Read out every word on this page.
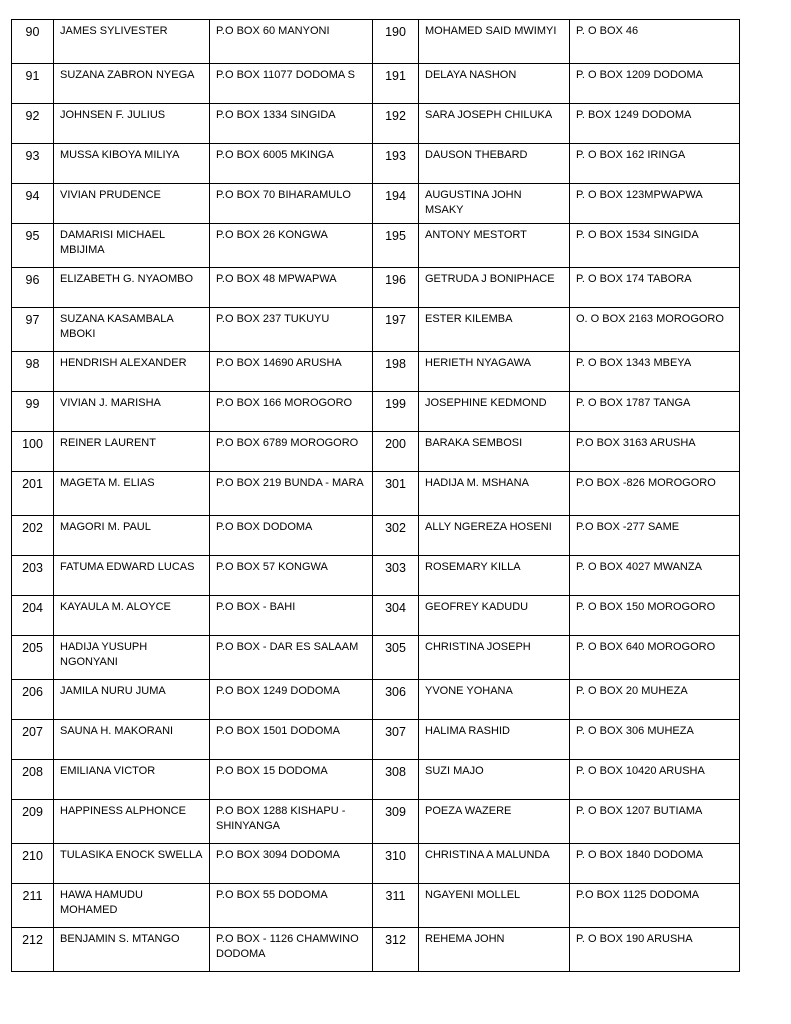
90	JAMES SYLIVESTER	P.O BOX 60 MANYONI	190	MOHAMED SAID MWIMYI	P. O BOX 46
91	SUZANA ZABRON NYEGA	P.O BOX 11077 DODOMA S	191	DELAYA NASHON	P. O BOX 1209 DODOMA
92	JOHNSEN F. JULIUS	P.O BOX 1334 SINGIDA	192	SARA JOSEPH CHILUKA	P. BOX 1249 DODOMA
93	MUSSA KIBOYA MILIYA	P.O BOX 6005 MKINGA	193	DAUSON THEBARD	P. O BOX 162 IRINGA
94	VIVIAN PRUDENCE	P.O BOX 70 BIHARAMULO	194	AUGUSTINA JOHN MSAKY	P. O BOX 123MPWAPWA
95	DAMARISI MICHAEL MBIJIMA	P.O BOX 26 KONGWA	195	ANTONY MESTORT	P. O BOX 1534 SINGIDA
96	ELIZABETH G. NYAOMBO	P.O BOX 48 MPWAPWA	196	GETRUDA J BONIPHACE	P. O BOX 174 TABORA
97	SUZANA KASAMBALA MBOKI	P.O BOX 237 TUKUYU	197	ESTER KILEMBA	O. O BOX 2163 MOROGORO
98	HENDRISH ALEXANDER	P.O BOX 14690 ARUSHA	198	HERIETH NYAGAWA	P. O BOX 1343 MBEYA
99	VIVIAN J. MARISHA	P.O BOX 166 MOROGORO	199	JOSEPHINE KEDMOND	P. O BOX 1787 TANGA
100	REINER LAURENT	P.O BOX 6789 MOROGORO	200	BARAKA SEMBOSI	P.O BOX 3163 ARUSHA
201	MAGETA M. ELIAS	P.O BOX 219 BUNDA - MARA	301	HADIJA M. MSHANA	P.O BOX -826 MOROGORO
202	MAGORI M. PAUL	P.O BOX DODOMA	302	ALLY NGEREZA HOSENI	P.O BOX -277 SAME
203	FATUMA EDWARD LUCAS	P.O BOX 57 KONGWA	303	ROSEMARY KILLA	P. O BOX 4027 MWANZA
204	KAYAULA M. ALOYCE	P.O BOX - BAHI	304	GEOFREY KADUDU	P. O BOX 150 MOROGORO
205	HADIJA YUSUPH NGONYANI	P.O BOX - DAR ES SALAAM	305	CHRISTINA JOSEPH	P. O BOX 640 MOROGORO
206	JAMILA NURU JUMA	P.O BOX 1249 DODOMA	306	YVONE YOHANA	P. O BOX 20 MUHEZA
207	SAUNA H. MAKORANI	P.O BOX 1501 DODOMA	307	HALIMA RASHID	P. O BOX 306 MUHEZA
208	EMILIANA VICTOR	P.O BOX 15 DODOMA	308	SUZI MAJO	P. O BOX 10420 ARUSHA
209	HAPPINESS ALPHONCE	P.O BOX 1288 KISHAPU - SHINYANGA	309	POEZA WAZERE	P. O BOX 1207 BUTIAMA
210	TULASIKA ENOCK SWELLA	P.O BOX 3094 DODOMA	310	CHRISTINA A MALUNDA	P. O BOX 1840 DODOMA
211	HAWA HAMUDU MOHAMED	P.O BOX 55 DODOMA	311	NGAYENI MOLLEL	P.O BOX 1125 DODOMA
212	BENJAMIN S. MTANGO	P.O BOX - 1126 CHAMWINO DODOMA	312	REHEMA JOHN	P. O BOX 190 ARUSHA
